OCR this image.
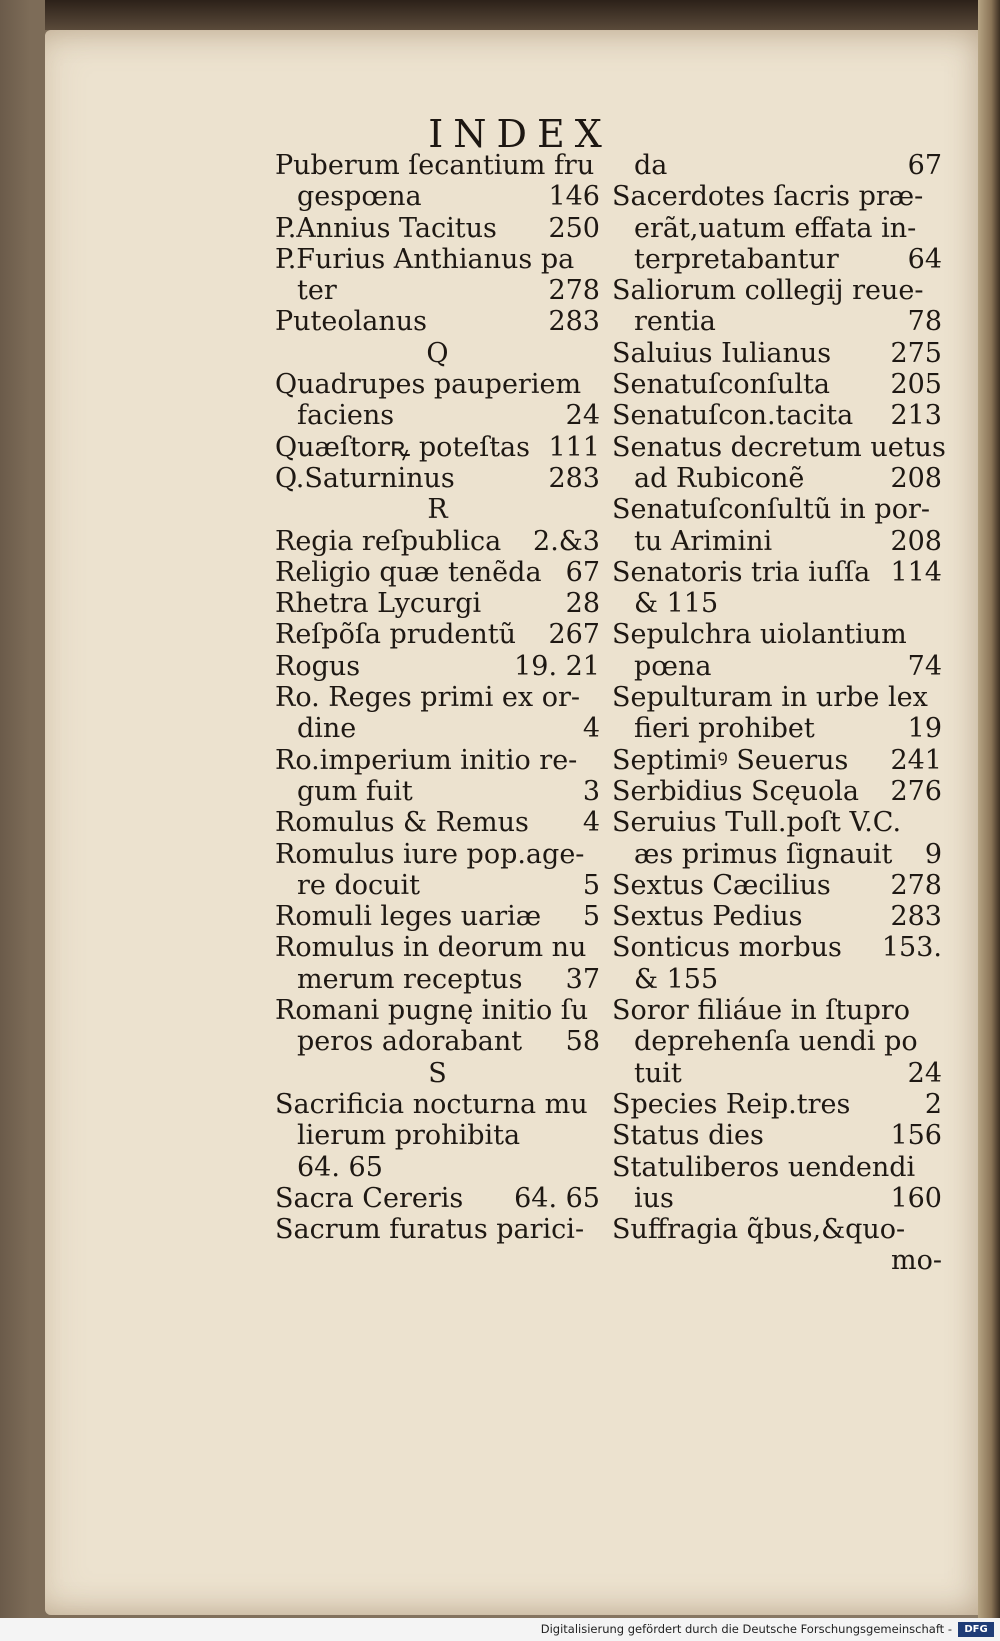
INDEX
Puberum ſecantium fru
gespœna	146
P.Annius Tacitus 250
P.Furius Anthianus pa
ter	278
Puteolanus	283
Q
Quadrupes pauperiem
faciens	24
Quæſtorꝶ poteſtas 111
Q.Saturninus	283
R
Regia reſpublica 2.&3
Religio quæ tenẽda 67
Rhetra Lycurgi	28
Reſpõſa prudentũ 267
Rogus	19. 21
Ro. Reges primi ex or-
dine	4
Ro.imperium initio re-
gum fuit	3
Romulus & Remus 4
Romulus iure pop.age-
re docuit	5
Romuli leges uariæ 5
Romulus in deorum nu
merum receptus 37
Romani pugnę initio ſu
peros adorabant 58
S
Sacrificia nocturna mu
lierum prohibita
64. 65
Sacra Cereris 64. 65
Sacrum furatus parici-
da	67
Sacerdotes ſacris præ-
erãt,uatum effata in-
terpretabantur	64
Saliorum collegij reue-
rentia	78
Saluius Iulianus 275
Senatuſconſulta 205
Senatuſcon.tacita 213
Senatus decretum uetus
ad Rubiconẽ	208
Senatuſconſultũ in por-
tu Arimini	208
Senatoris tria iuſſa 114
& 115
Sepulchra uiolantium
pœna	74
Sepulturam in urbe lex
fieri prohibet	19
Septimiꝰ Seuerus 241
Serbidius Scęuola 276
Seruius Tull.poſt V.C.
æs primus ſignauit 9
Sextus Cæcilius 278
Sextus Pedius	283
Sonticus morbus 153.
& 155
Soror filiáue in ſtupro
deprehenſa uendi po
tuit	24
Species Reip.tres	2
Status dies	156
Statuliberos uendendi
ius	160
Suffragia q̃bus,&quo-
mo-
Digitalisierung gefördert durch die Deutsche Forschungsgemeinschaft -	DFG
